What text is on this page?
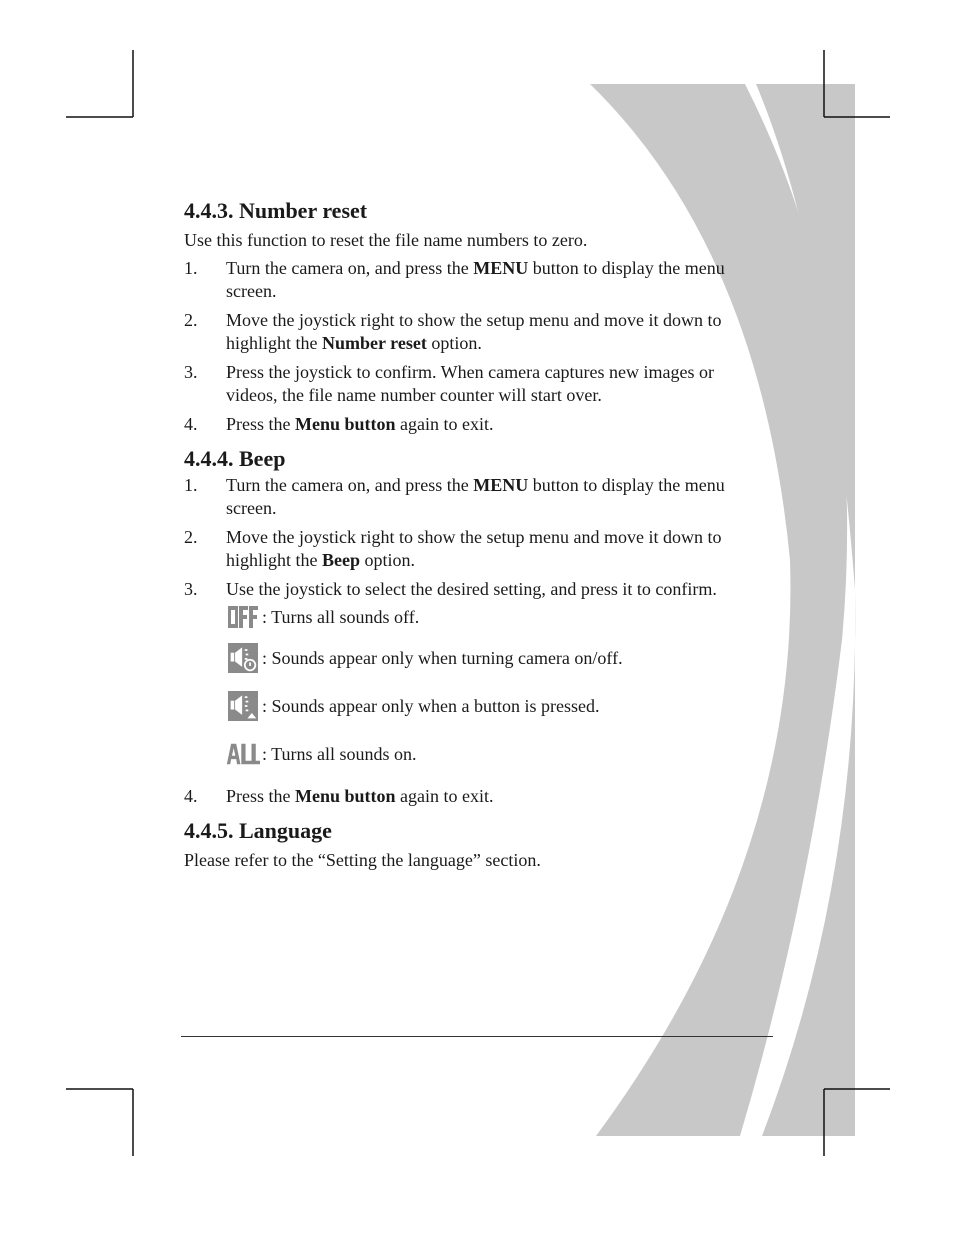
4.4.3. Number reset

Use this function to reset the file name numbers to zero.

1. Turn the camera on, and press the MENU button to display the menu screen.
2. Move the joystick right to show the setup menu and move it down to highlight the Number reset option.
3. Press the joystick to confirm. When camera captures new images or videos, the file name number counter will start over.
4. Press the Menu button again to exit.
4.4.4. Beep
1. Turn the camera on, and press the MENU button to display the menu screen.
2. Move the joystick right to show the setup menu and move it down to highlight the Beep option.
3. Use the joystick to select the desired setting, and press it to confirm.
: Turns all sounds off.
: Sounds appear only when turning camera on/off.
: Sounds appear only when a button is pressed.
: Turns all sounds on.
4. Press the Menu button again to exit.
4.4.5. Language

Please refer to the “Setting the language” section.
